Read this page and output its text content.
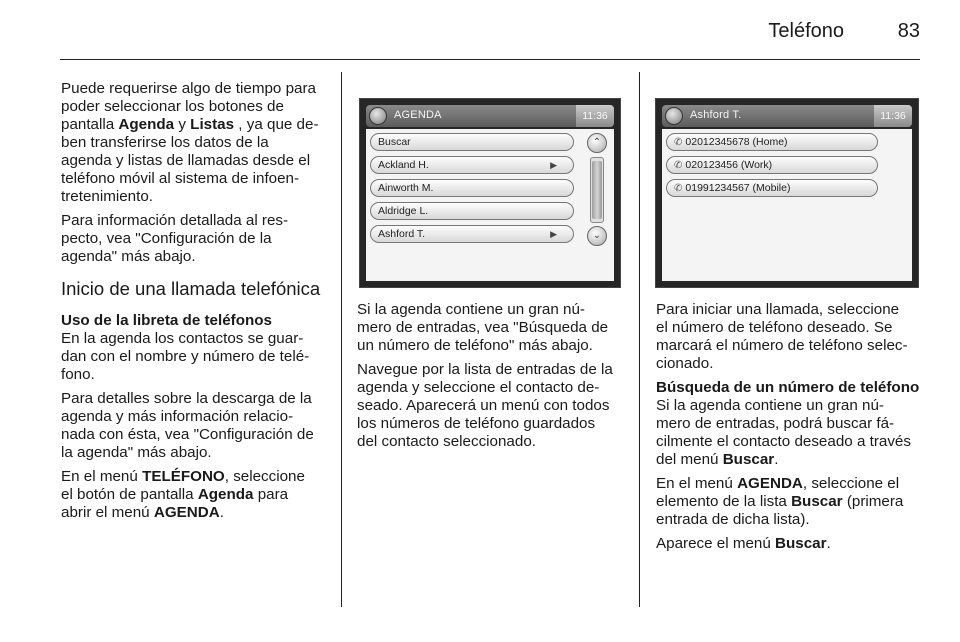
Teléfono	83

Puede requerirse algo de tiempo para
poder seleccionar los botones de
pantalla Agenda y Listas , ya que de-
ben transferirse los datos de la
agenda y listas de llamadas desde el
teléfono móvil al sistema de infoen-
tretenimiento.

Para información detallada al res-
pecto, vea "Configuración de la
agenda" más abajo.

Inicio de una llamada telefónica
Uso de la libreta de teléfonos

En la agenda los contactos se guar-
dan con el nombre y número de telé-
fono.

Para detalles sobre la descarga de la
agenda y más información relacio-
nada con ésta, vea "Configuración de
la agenda" más abajo.

En el menú TELÉFONO, seleccione
el botón de pantalla Agenda para
abrir el menú AGENDA.

AGENDA	11:36
Buscar
Ackland H.	▶
Ainworth M.
Aldridge L.
Ashford T.	▶
⌃
⌄

Si la agenda contiene un gran nú-
mero de entradas, vea "Búsqueda de
un número de teléfono" más abajo.

Navegue por la lista de entradas de la
agenda y seleccione el contacto de-
seado. Aparecerá un menú con todos
los números de teléfono guardados
del contacto seleccionado.

Ashford T.	11:36
✆ 02012345678 (Home)
✆ 020123456 (Work)
✆ 01991234567 (Mobile)

Para iniciar una llamada, seleccione
el número de teléfono deseado. Se
marcará el número de teléfono selec-
cionado.

Búsqueda de un número de teléfono

Si la agenda contiene un gran nú-
mero de entradas, podrá buscar fá-
cilmente el contacto deseado a través
del menú Buscar.

En el menú AGENDA, seleccione el
elemento de la lista Buscar (primera
entrada de dicha lista).

Aparece el menú Buscar.
